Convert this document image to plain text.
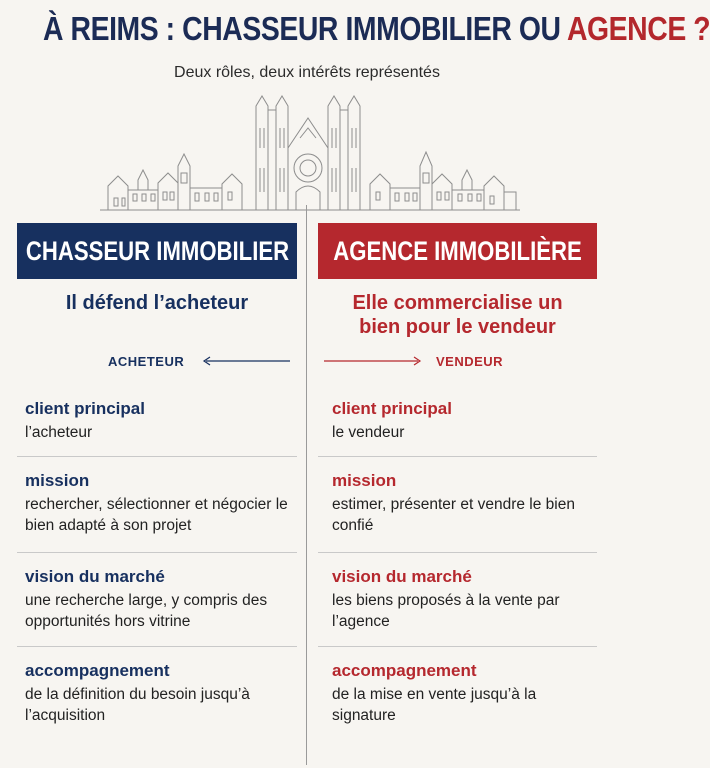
À REIMS : CHASSEUR IMMOBILIER OU AGENCE ?
Deux rôles, deux intérêts représentés
CHASSEUR IMMOBILIER AGENCE IMMOBILIÈRE
Il défend l’acheteur	Elle commercialise un bien pour le vendeur
ACHETEUR	VENDEUR
client principal
l’acheteur
mission
rechercher, sélectionner et négocier le bien adapté à son projet
vision du marché
une recherche large, y compris des opportunités hors vitrine
accompagnement
de la définition du besoin jusqu’à l’acquisition
client principal
le vendeur
mission
estimer, présenter et vendre le bien confié
vision du marché
les biens proposés à la vente par l’agence
accompagnement
de la mise en vente jusqu’à la signature
